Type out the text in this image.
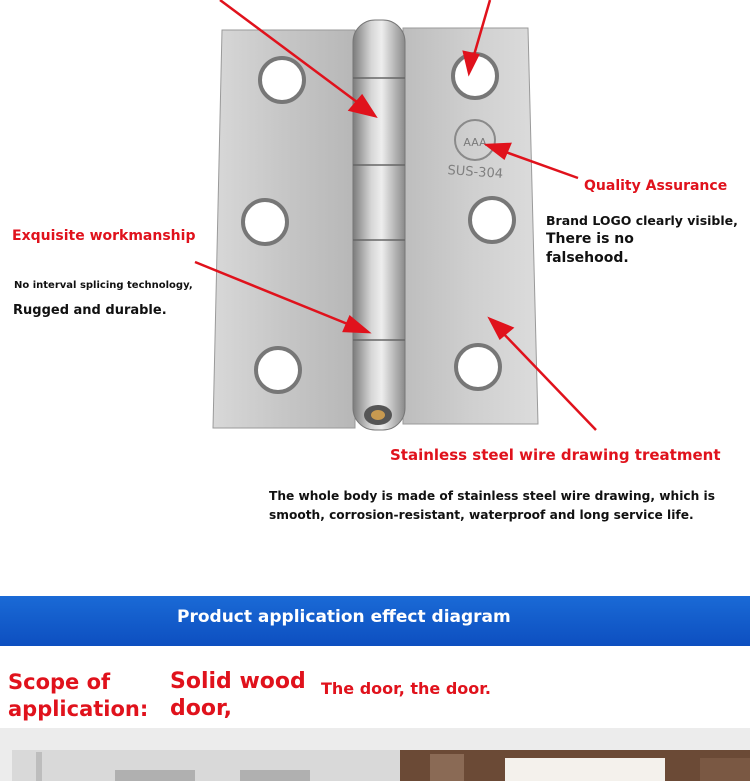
AAA
SUS-304
Quality Assurance
Brand LOGO clearly visible,
There is no
falsehood.
Exquisite workmanship
No interval splicing technology,
Rugged and durable.
Stainless steel wire drawing treatment
The whole body is made of stainless steel wire drawing, which is
smooth, corrosion-resistant, waterproof and long service life.
Product application effect diagram
Scope of
application:
Solid wood
door,
The door, the door.
